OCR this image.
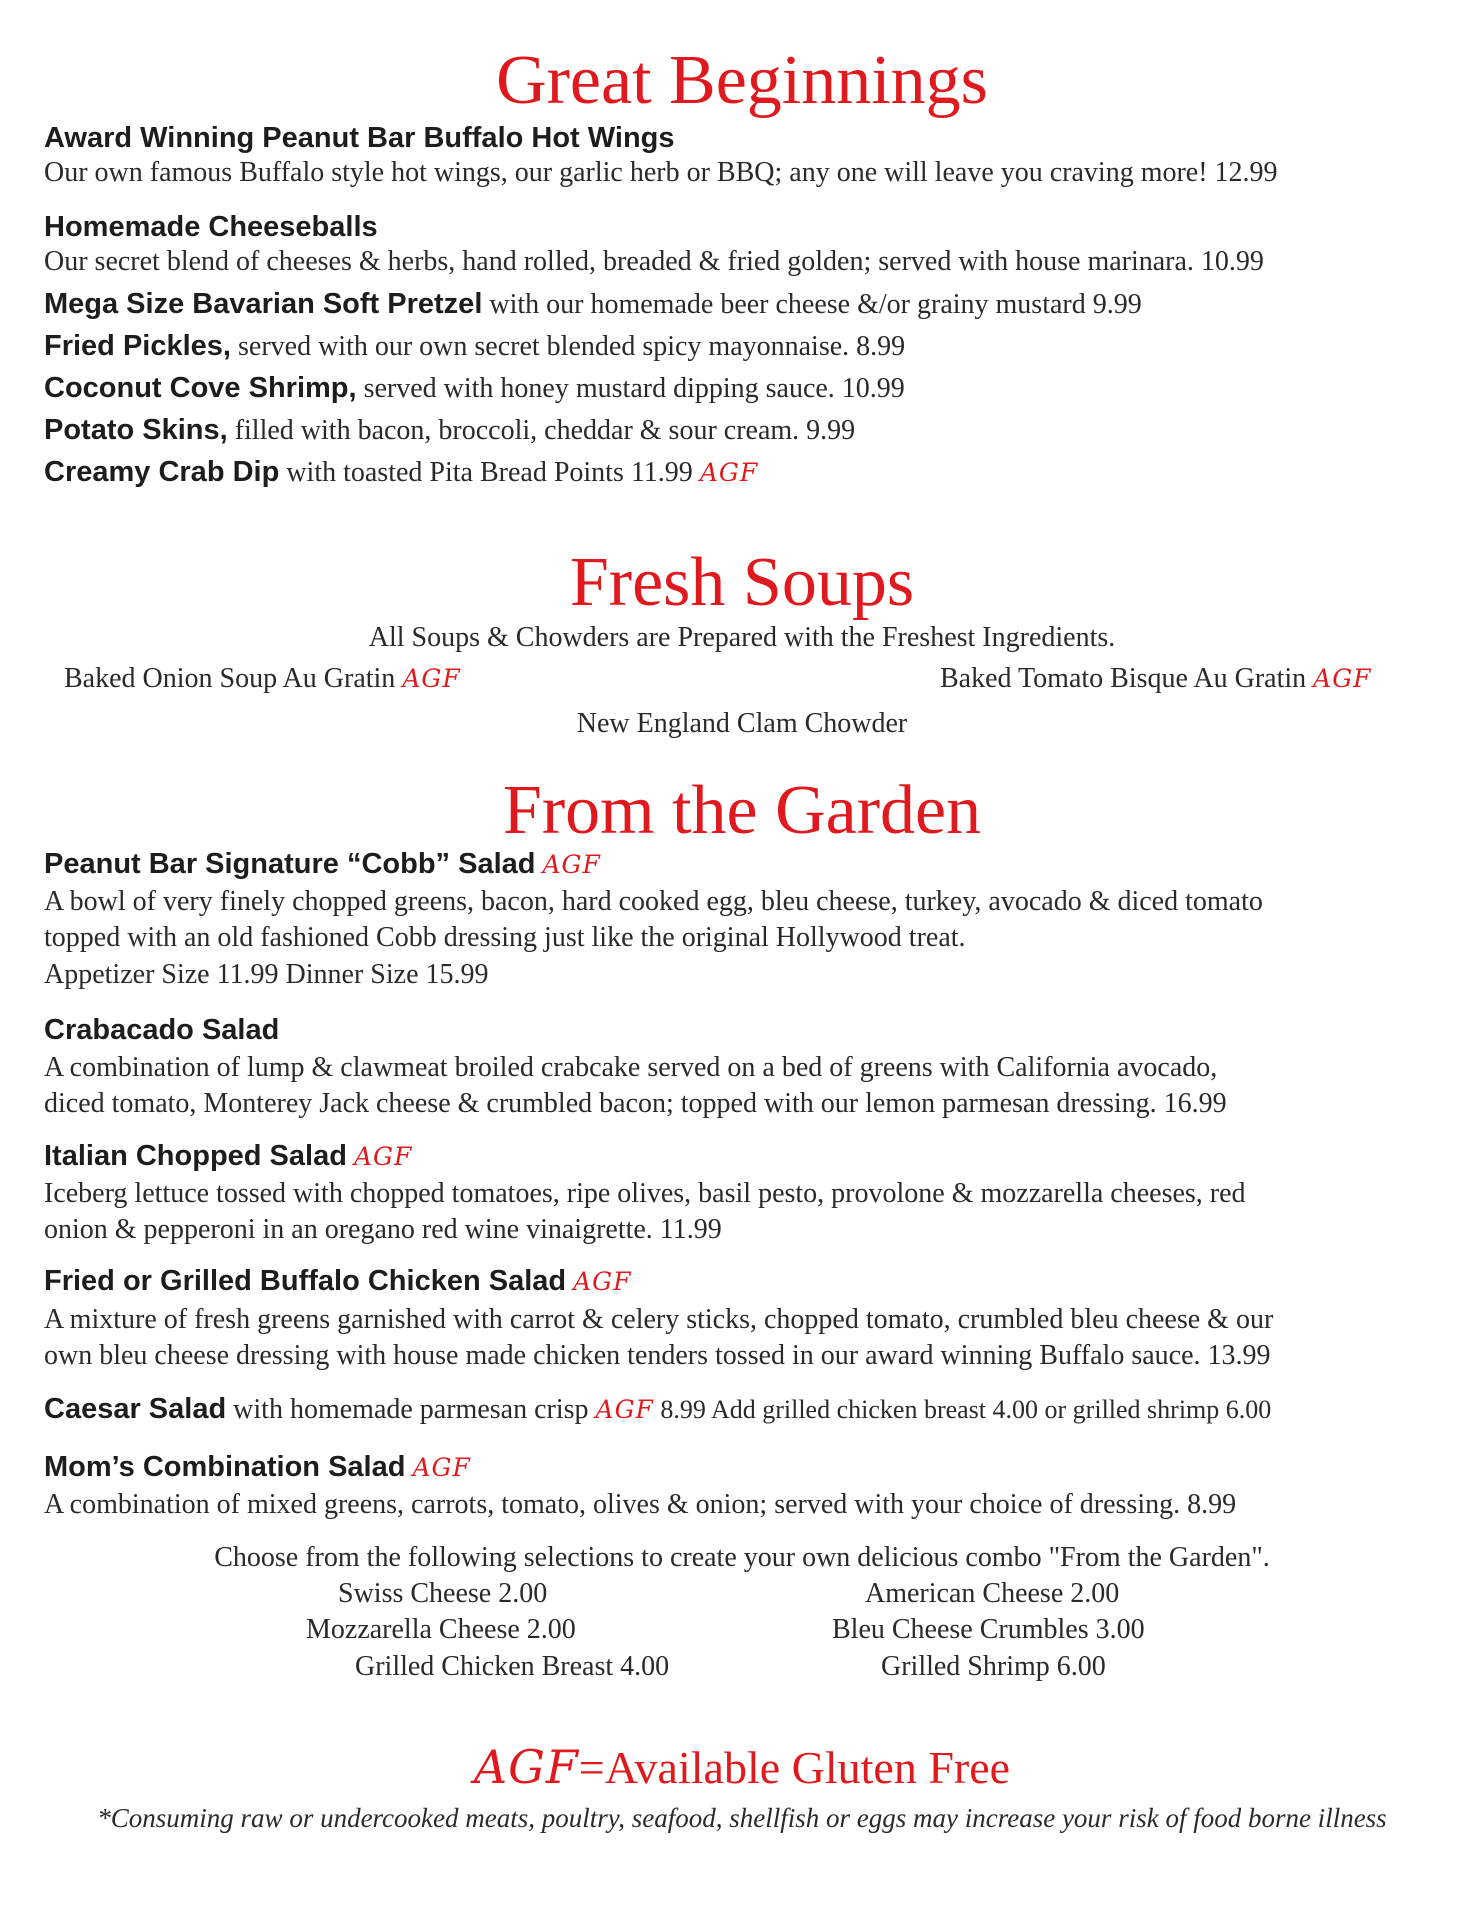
Great Beginnings
Award Winning Peanut Bar Buffalo Hot Wings
Our own famous Buffalo style hot wings, our garlic herb or BBQ; any one will leave you craving more! 12.99
Homemade Cheeseballs
Our secret blend of cheeses & herbs, hand rolled, breaded & fried golden; served with house marinara. 10.99
Mega Size Bavarian Soft Pretzel with our homemade beer cheese &/or grainy mustard 9.99
Fried Pickles, served with our own secret blended spicy mayonnaise. 8.99
Coconut Cove Shrimp, served with honey mustard dipping sauce. 10.99
Potato Skins, filled with bacon, broccoli, cheddar & sour cream. 9.99
Creamy Crab Dip with toasted Pita Bread Points 11.99 AGF
Fresh Soups
All Soups & Chowders are Prepared with the Freshest Ingredients.
Baked Onion Soup Au Gratin AGF	Baked Tomato Bisque Au Gratin AGF
New England Clam Chowder
From the Garden
Peanut Bar Signature “Cobb” Salad AGF
A bowl of very finely chopped greens, bacon, hard cooked egg, bleu cheese, turkey, avocado & diced tomato
topped with an old fashioned Cobb dressing just like the original Hollywood treat.
Appetizer Size 11.99 Dinner Size 15.99
Crabacado Salad
A combination of lump & clawmeat broiled crabcake served on a bed of greens with California avocado,
diced tomato, Monterey Jack cheese & crumbled bacon; topped with our lemon parmesan dressing. 16.99
Italian Chopped Salad AGF
Iceberg lettuce tossed with chopped tomatoes, ripe olives, basil pesto, provolone & mozzarella cheeses, red
onion & pepperoni in an oregano red wine vinaigrette. 11.99
Fried or Grilled Buffalo Chicken Salad AGF
A mixture of fresh greens garnished with carrot & celery sticks, chopped tomato, crumbled bleu cheese & our
own bleu cheese dressing with house made chicken tenders tossed in our award winning Buffalo sauce. 13.99
Caesar Salad with homemade parmesan crisp AGF 8.99 Add grilled chicken breast 4.00 or grilled shrimp 6.00
Mom’s Combination Salad AGF
A combination of mixed greens, carrots, tomato, olives & onion; served with your choice of dressing. 8.99
Choose from the following selections to create your own delicious combo "From the Garden".
Swiss Cheese 2.00	American Cheese 2.00
Mozzarella Cheese 2.00	Bleu Cheese Crumbles 3.00
Grilled Chicken Breast 4.00	Grilled Shrimp 6.00
AGF=Available Gluten Free
*Consuming raw or undercooked meats, poultry, seafood, shellfish or eggs may increase your risk of food borne illness
